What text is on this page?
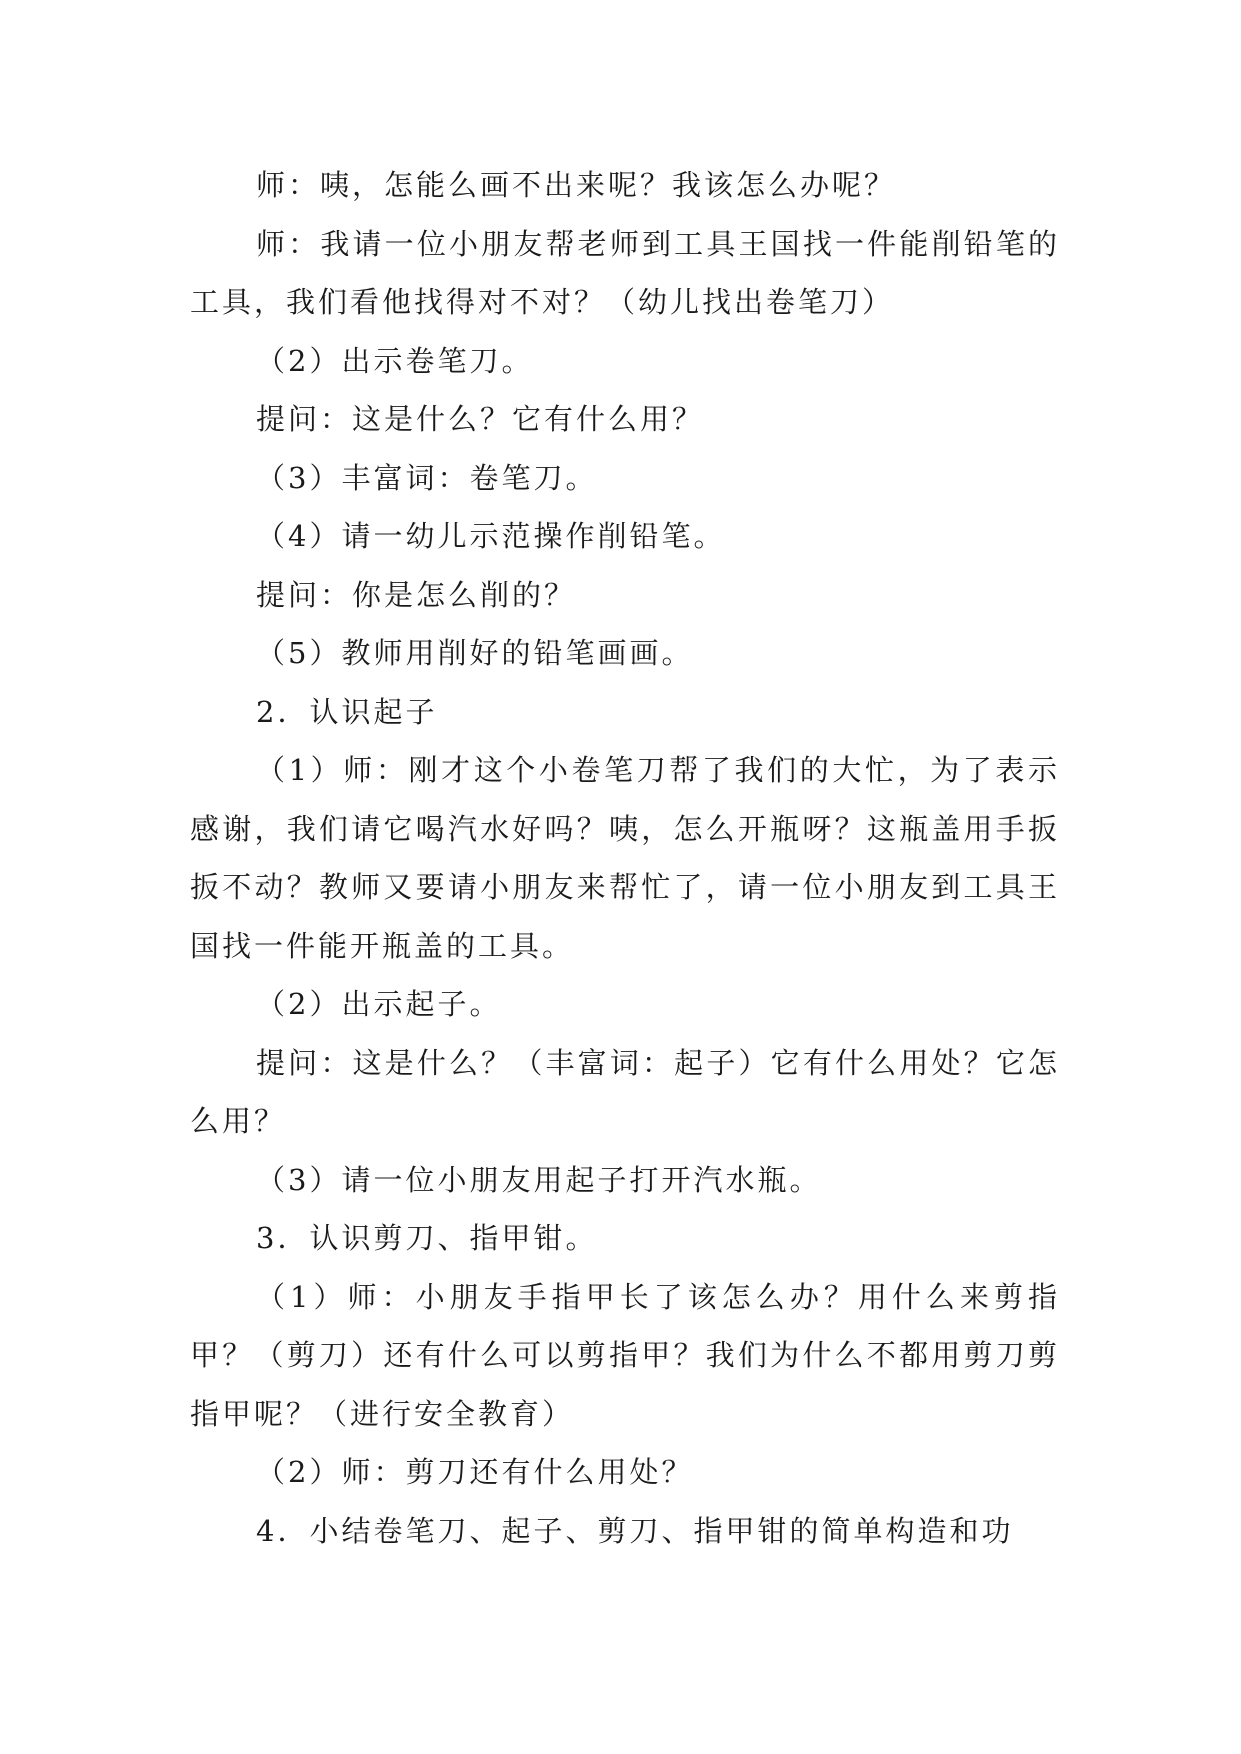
师：咦，怎能么画不出来呢？我该怎么办呢？

师：我请一位小朋友帮老师到工具王国找一件能削铅笔的工具，我们看他找得对不对？（幼儿找出卷笔刀）

（2）出示卷笔刀。

提问：这是什么？它有什么用？

（3）丰富词：卷笔刀。

（4）请一幼儿示范操作削铅笔。

提问：你是怎么削的？

（5）教师用削好的铅笔画画。

2．认识起子

（1）师：刚才这个小卷笔刀帮了我们的大忙，为了表示感谢，我们请它喝汽水好吗？咦，怎么开瓶呀？这瓶盖用手扳扳不动？教师又要请小朋友来帮忙了，请一位小朋友到工具王国找一件能开瓶盖的工具。

（2）出示起子。

提问：这是什么？（丰富词：起子）它有什么用处？它怎么用？

（3）请一位小朋友用起子打开汽水瓶。

3．认识剪刀、指甲钳。

（1）师：小朋友手指甲长了该怎么办？用什么来剪指甲？（剪刀）还有什么可以剪指甲？我们为什么不都用剪刀剪指甲呢？（进行安全教育）

（2）师：剪刀还有什么用处？

4．小结卷笔刀、起子、剪刀、指甲钳的简单构造和功
